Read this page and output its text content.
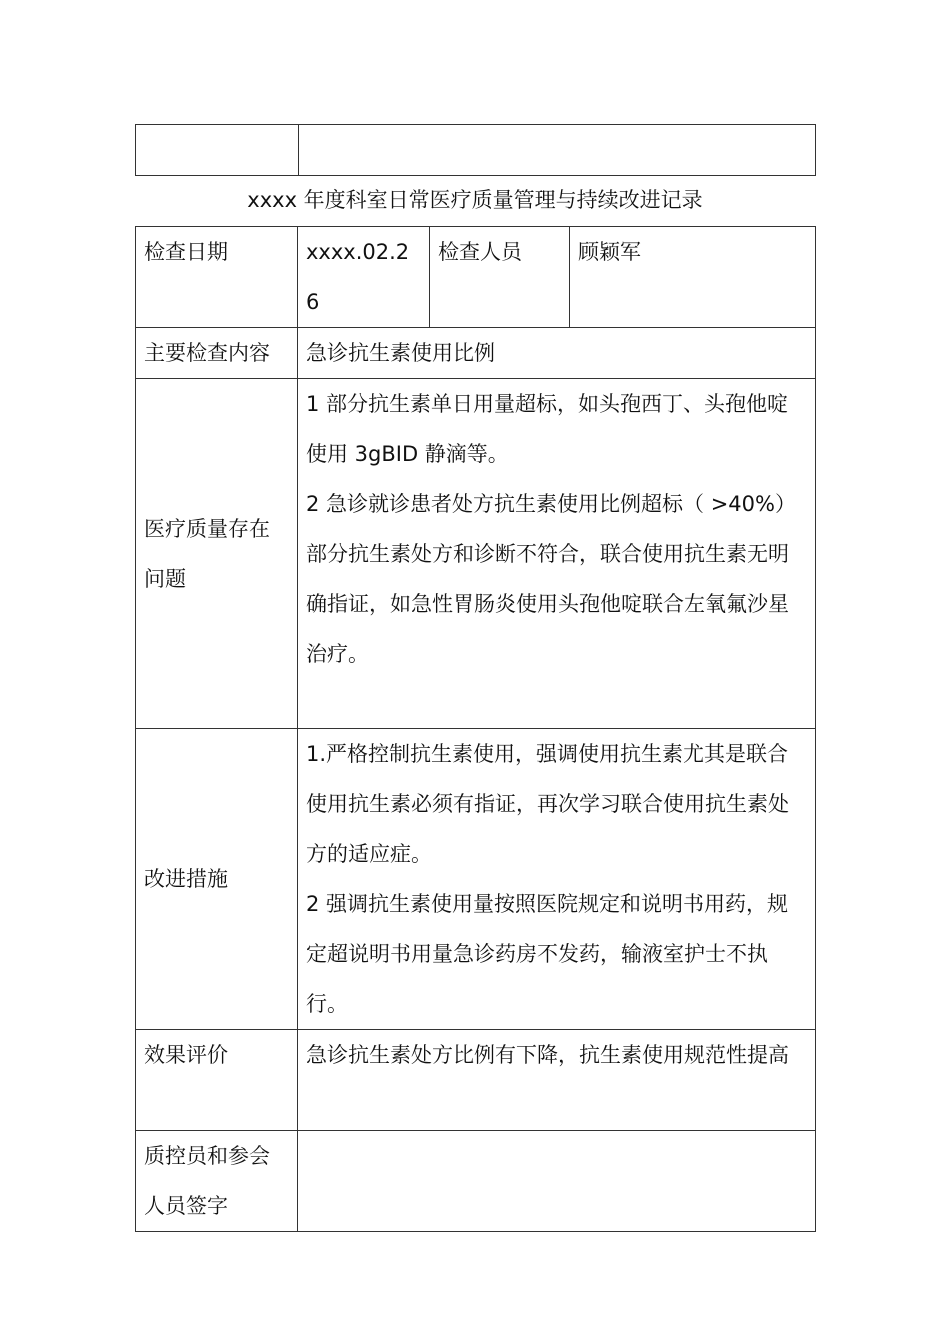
xxxx 年度科室日常医疗质量管理与持续改进记录
检查日期	xxxx.02.26	检查人员	顾颖军
主要检查内容	急诊抗生素使用比例		
医疗质量存在问题	1 部分抗生素单日用量超标，如头孢西丁、头孢他啶使用 3gBID 静滴等。
2 急诊就诊患者处方抗生素使用比例超标（ >40%）
部分抗生素处方和诊断不符合，联合使用抗生素无明确指证，如急性胃肠炎使用头孢他啶联合左氧氟沙星治疗。		

改进措施	1.严格控制抗生素使用，强调使用抗生素尤其是联合使用抗生素必须有指证，再次学习联合使用抗生素处方的适应症。
2 强调抗生素使用量按照医院规定和说明书用药，规定超说明书用量急诊药房不发药，输液室护士不执行。		

效果评价	急诊抗生素处方比例有下降，抗生素使用规范性提高		
质控员和参会人员签字			
